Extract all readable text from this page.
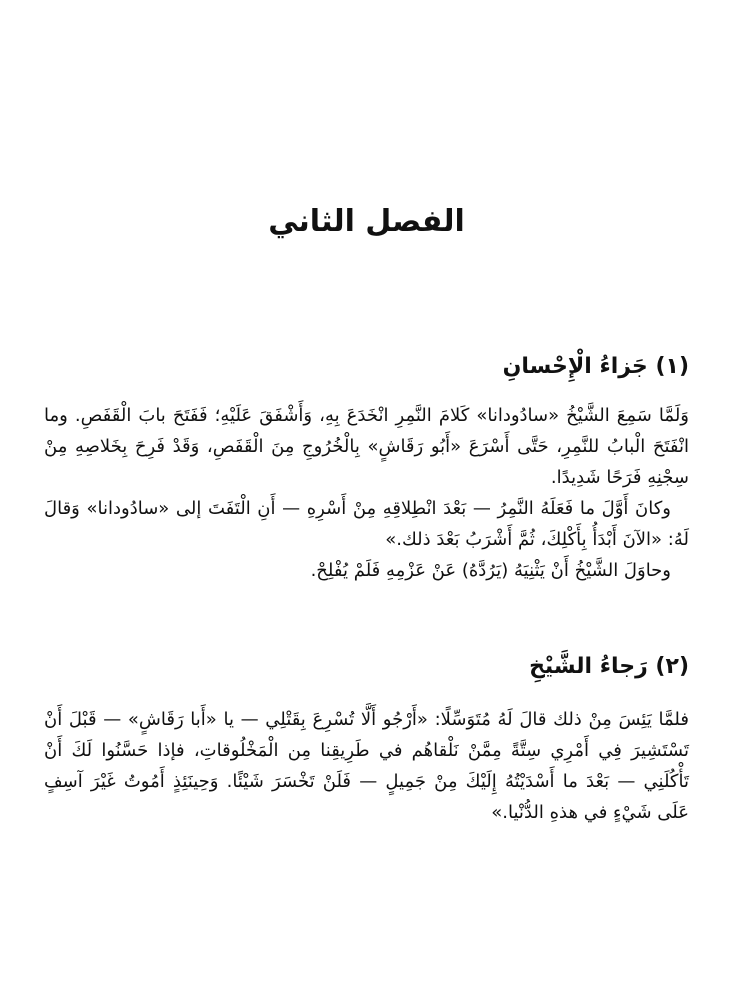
الفصل الثاني
(١) جَزاءُ الْإِحْسانِ

وَلَمَّا سَمِعَ الشَّيْخُ «سادُودانا» كَلامَ النَّمِرِ انْخَدَعَ بِهِ، وَأَشْفَقَ عَلَيْهِ؛ فَفَتَحَ بابَ الْقَفَصِ. وما انْفَتَحَ الْبابُ للنَّمِرِ، حَتَّى أَسْرَعَ «أَبُو رَقَاشٍ» بِالْخُرُوجِ مِنَ الْقَفَصِ، وَقَدْ فَرِحَ بِخَلاصِهِ مِنْ سِجْنِهِ فَرَحًا شَدِيدًا.

وكانَ أَوَّلَ ما فَعَلَهُ النَّمِرُ — بَعْدَ انْطِلاقِهِ مِنْ أَسْرِهِ — أَنِ الْتَفَتَ إلى «سادُودانا» وَقالَ لَهُ: «الآنَ أَبْدَأُ بِأَكْلِكَ، ثُمَّ أَشْرَبُ بَعْدَ ذلك.»

وحاوَلَ الشَّيْخُ أَنْ يَثْنِيَهُ (يَرُدَّهُ) عَنْ عَزْمِهِ فَلَمْ يُفْلِحْ.

(٢) رَجاءُ الشَّيْخِ

فلمَّا يَئِسَ مِنْ ذلك قالَ لَهُ مُتَوَسِّلًا: «أَرْجُو أَلَّا تُسْرِعَ بِقَتْلِي — يا «أَبا رَقَاشٍ» — قَبْلَ أَنْ تَسْتَشِيرَ فِي أَمْرِي سِتَّةً مِمَّنْ نَلْقاهُم في طَرِيقِنا مِن الْمَخْلُوقاتِ، فإذا حَسَّنُوا لَكَ أَنْ تَأْكُلَنِي — بَعْدَ ما أَسْدَيْتُهُ إِلَيْكَ مِنْ جَمِيلٍ — فَلَنْ تَخْسَرَ شَيْئًا. وَحِينَئِذٍ أَمُوتُ غَيْرَ آسِفٍ عَلَى شَيْءٍ في هذهِ الدُّنْيا.»
